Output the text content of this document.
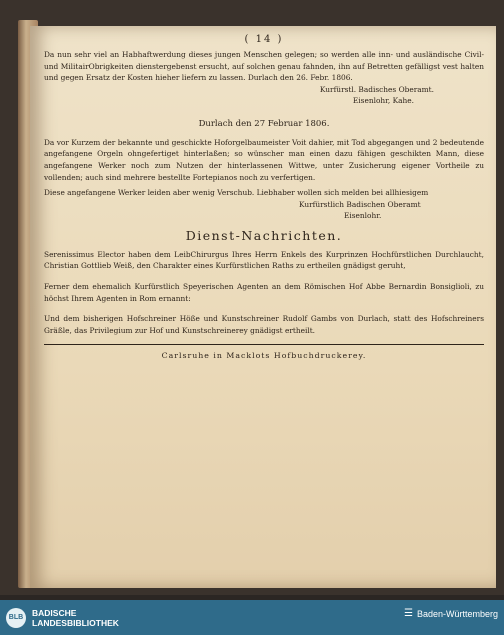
( 14 )

Da nun sehr viel an Habhaftwerdung dieses jungen Menschen gelegen; so werden alle inn- und ausländische Civil- und MilitairObrigkeiten dienstergebenst ersucht, auf solchen genau fahnden, ihn auf Betretten gefälligst vest halten und gegen Ersatz der Kosten hieher liefern zu lassen. Durlach den 26. Febr. 1806.

Kurfürstl. Badisches Oberamt.
Eisenlohr, Kahe.
Durlach den 27 Februar 1806.

Da vor Kurzem der bekannte und geschickte Hoforgelbaumeister Voit dahier, mit Tod abgegangen und 2 bedeutende angefangene Orgeln ohngefertiget hinterlaßen; so wünscher man einen dazu fähigen geschikten Mann, diese angefangene Werker noch zum Nutzen der hinterlassenen Wittwe, unter Zusicherung eigener Vortheile zu vollenden; auch sind mehrere bestellte Fortepianos noch zu verfertigen.

Diese angefangene Werker leiden aber wenig Verschub. Liebhaber wollen sich melden bei allhiesigem

Kurfürstlich Badischen Oberamt
Eisenlohr.
Dienst-Nachrichten.

Serenissimus Elector haben dem LeibChirurgus Ihres Herrn Enkels des Kurprinzen Hochfürstlichen Durchlaucht, Christian Gottlieb Weiß, den Charakter eines Kurfürstlichen Raths zu ertheilen gnädigst geruht,

Ferner dem ehemalich Kurfürstlich Speyerischen Agenten an dem Römischen Hof Abbe Bernardin Bonsiglioli, zu höchst Ihrem Agenten in Rom ernannt:

Und dem bisherigen Hofschreiner Höße und Kunstschreiner Rudolf Gambs von Durlach, statt des Hofschreiners Gräßle, das Privilegium zur Hof und Kunstschreinerey gnädigst ertheilt.

Carlsruhe in Macklots Hofbuchdruckerey.
BLB	BADISCHE
LANDESBIBLIOTHEK
☰ Baden-Württemberg
